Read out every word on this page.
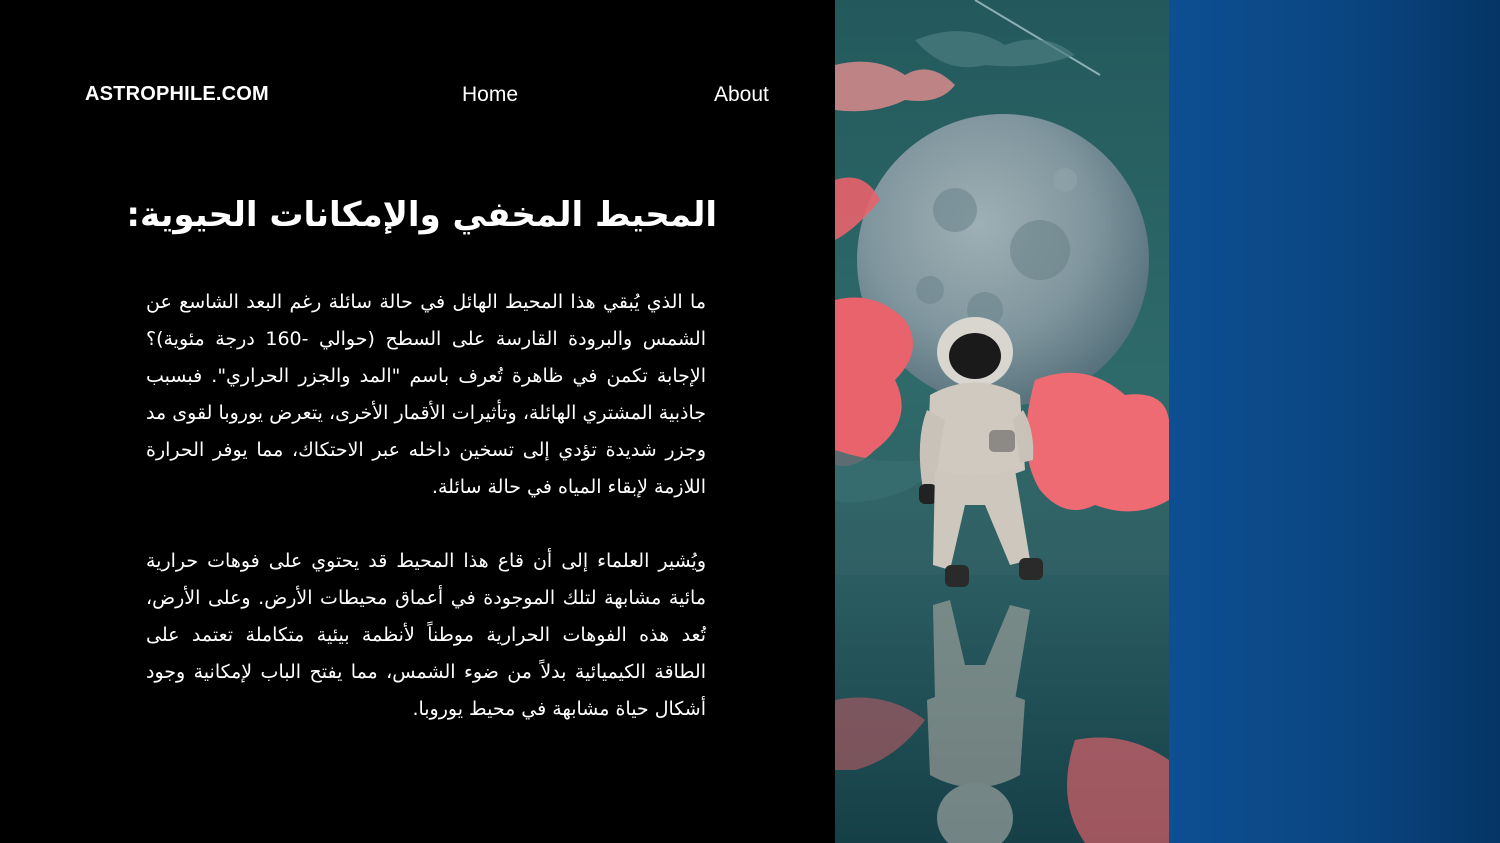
ASTROPHILE.COM	Home	About
المحيط المخفي والإمكانات الحيوية:

ما الذي يُبقي هذا المحيط الهائل في حالة سائلة رغم البعد الشاسع عن الشمس والبرودة القارسة على السطح (حوالي -160 درجة مئوية)؟ الإجابة تكمن في ظاهرة تُعرف باسم "المد والجزر الحراري". فبسبب جاذبية المشتري الهائلة، وتأثيرات الأقمار الأخرى، يتعرض يوروبا لقوى مد وجزر شديدة تؤدي إلى تسخين داخله عبر الاحتكاك، مما يوفر الحرارة اللازمة لإبقاء المياه في حالة سائلة.

ويُشير العلماء إلى أن قاع هذا المحيط قد يحتوي على فوهات حرارية مائية مشابهة لتلك الموجودة في أعماق محيطات الأرض. وعلى الأرض، تُعد هذه الفوهات الحرارية موطناً لأنظمة بيئية متكاملة تعتمد على الطاقة الكيميائية بدلاً من ضوء الشمس، مما يفتح الباب لإمكانية وجود أشكال حياة مشابهة في محيط يوروبا.
